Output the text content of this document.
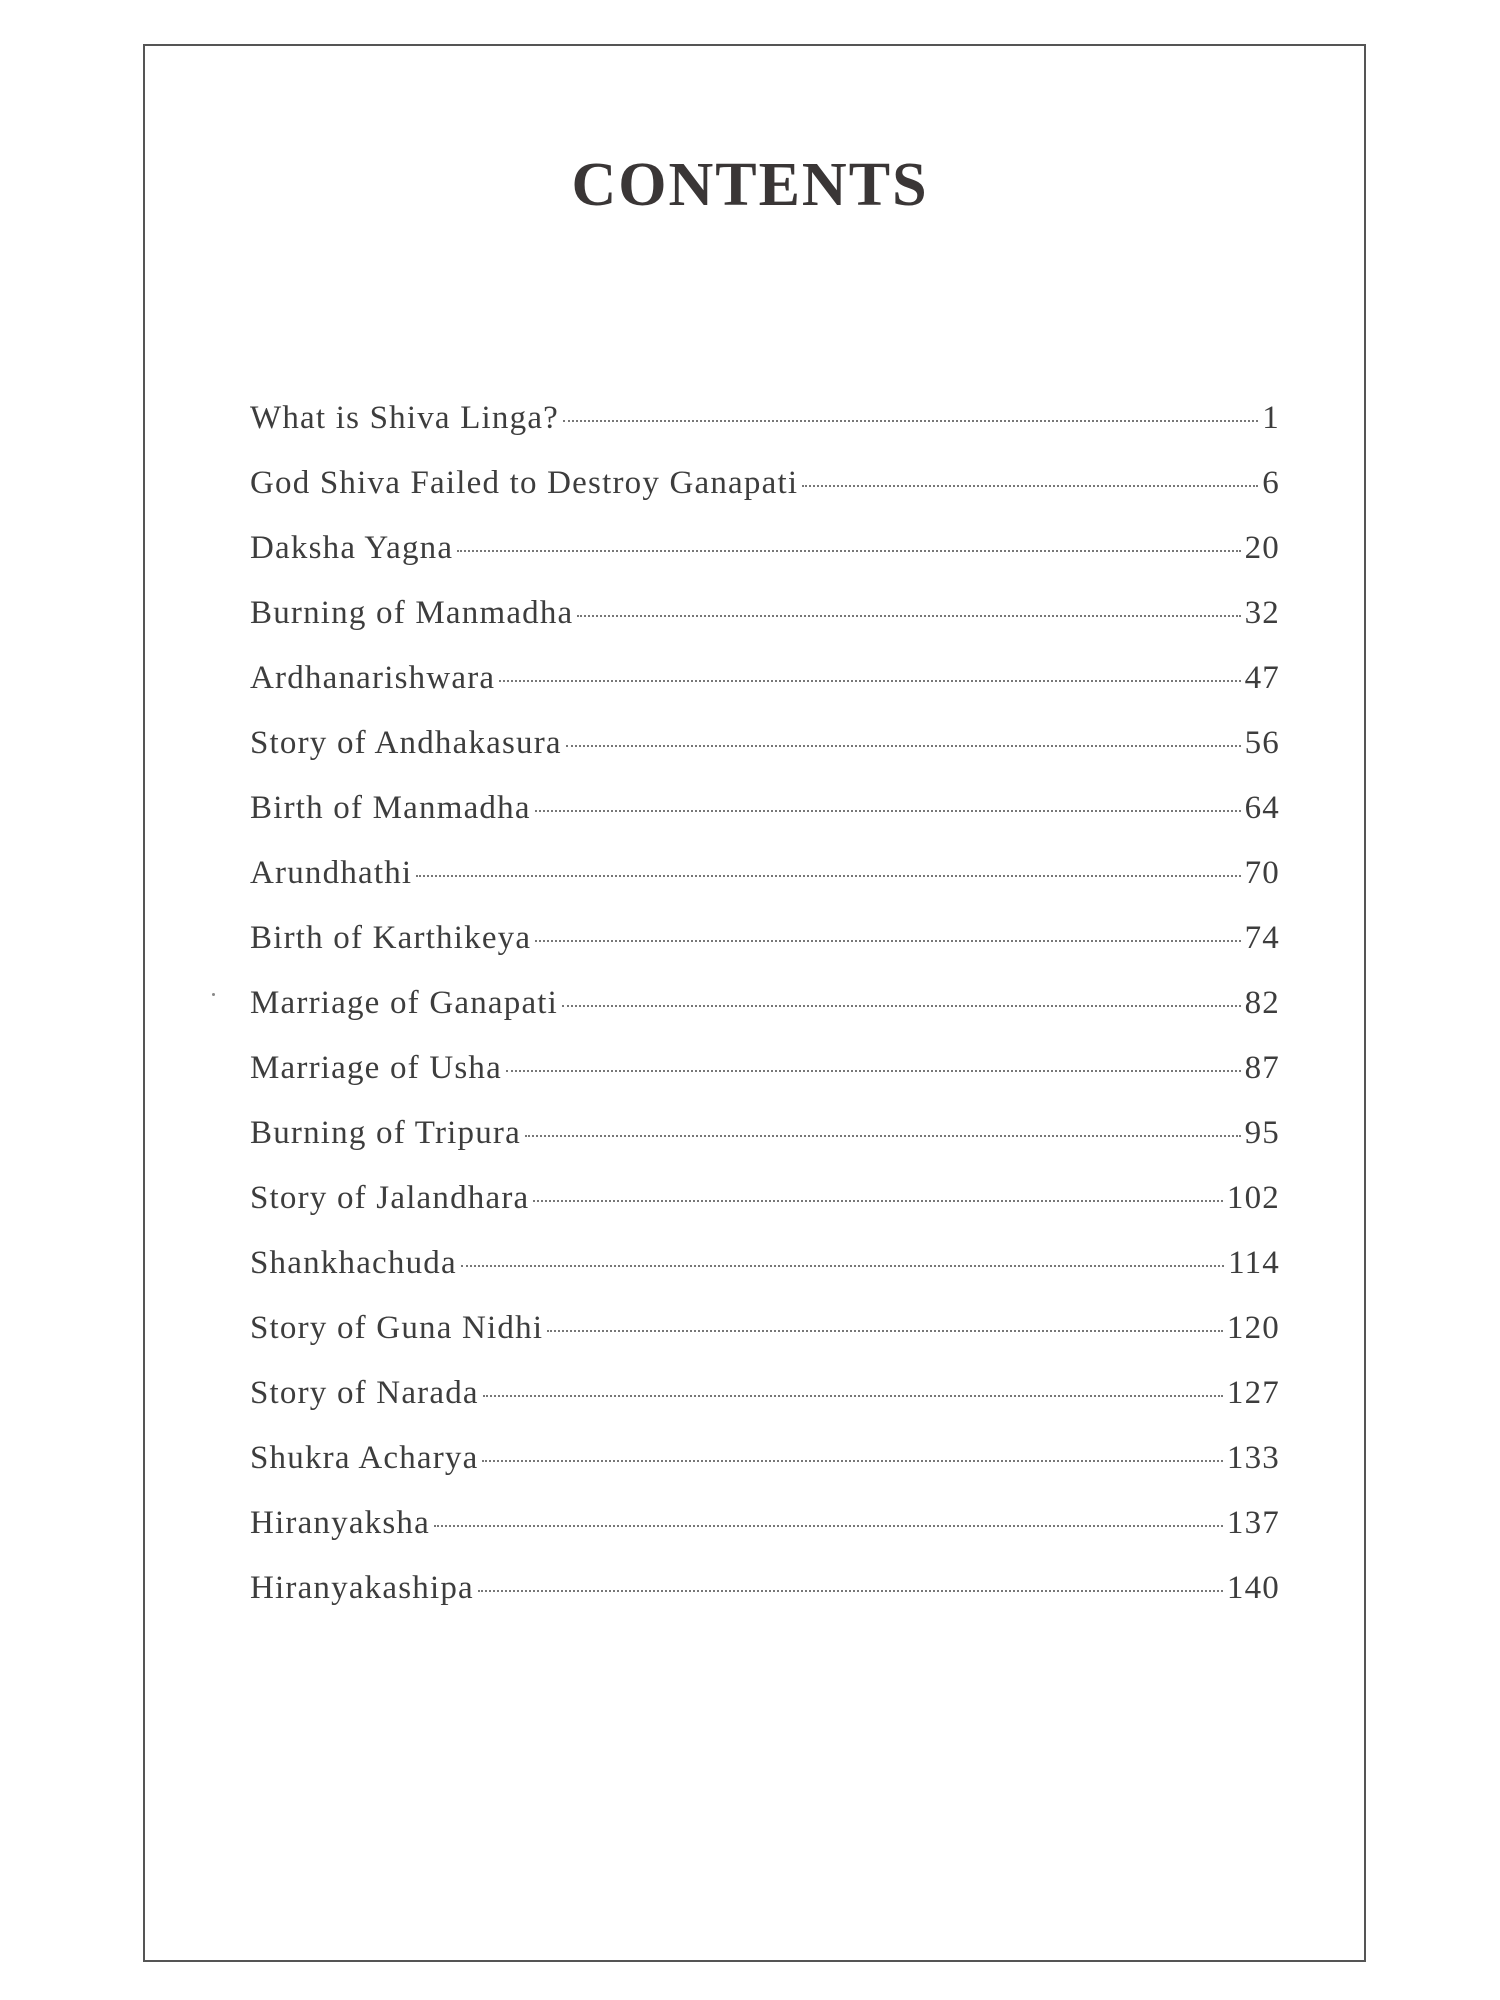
CONTENTS
What is Shiva Linga?	1
God Shiva Failed to Destroy Ganapati	6
Daksha Yagna	20
Burning of Manmadha	32
Ardhanarishwara	47
Story of Andhakasura	56
Birth of Manmadha	64
Arundhathi	70
Birth of Karthikeya	74
Marriage of Ganapati	82
Marriage of Usha	87
Burning of Tripura	95
Story of Jalandhara	102
Shankhachuda	114
Story of Guna Nidhi	120
Story of Narada	127
Shukra Acharya	133
Hiranyaksha	137
Hiranyakashipa	140
